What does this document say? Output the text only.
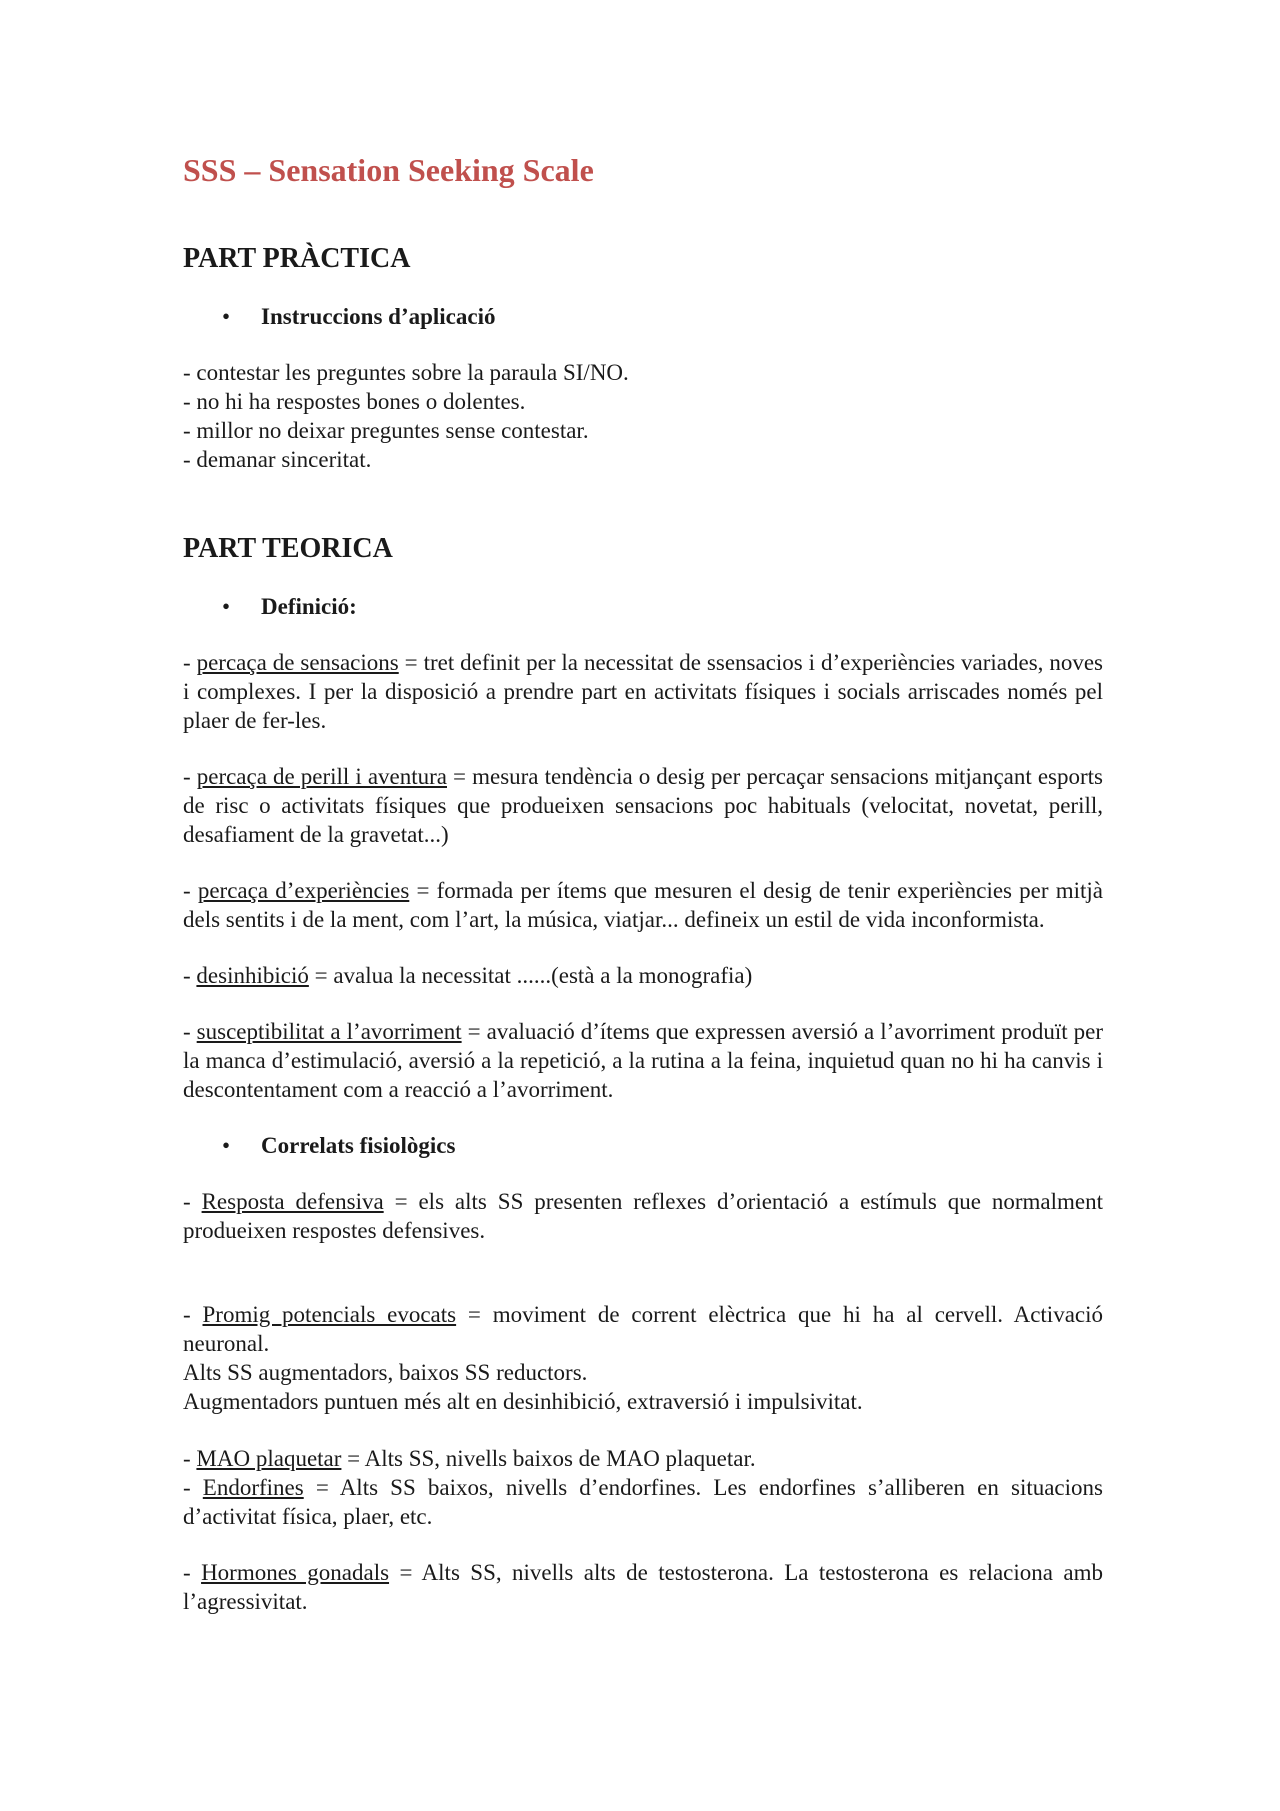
SSS – Sensation Seeking Scale
PART PRÀCTICA
• Instruccions d’aplicació

- contestar les preguntes sobre la paraula SI/NO.

- no hi ha respostes bones o dolentes.

- millor no deixar preguntes sense contestar.

- demanar sinceritat.

PART TEORICA
• Definició:

- percaça de sensacions = tret definit per la necessitat de ssensacios i d’experiències variades, noves i complexes. I per la disposició a prendre part en activitats físiques i socials arriscades només pel plaer de fer-les.

- percaça de perill i aventura = mesura tendència o desig per percaçar sensacions mitjançant esports de risc o activitats físiques que produeixen sensacions poc habituals (velocitat, novetat, perill, desafiament de la gravetat...)

- percaça d’experiències = formada per ítems que mesuren el desig de tenir experiències per mitjà dels sentits i de la ment, com l’art, la música, viatjar... defineix un estil de vida inconformista.

- desinhibició = avalua la necessitat ......(està a la monografia)

- susceptibilitat a l’avorriment = avaluació d’ítems que expressen aversió a l’avorriment produït per la manca d’estimulació, aversió a la repetició, a la rutina a la feina, inquietud quan no hi ha canvis i descontentament com a reacció a l’avorriment.

• Correlats fisiològics

- Resposta defensiva = els alts SS presenten reflexes d’orientació a estímuls que normalment produeixen respostes defensives.

- Promig potencials evocats = moviment de corrent elèctrica que hi ha al cervell. Activació neuronal.

Alts SS augmentadors, baixos SS reductors.

Augmentadors puntuen més alt en desinhibició, extraversió i impulsivitat.

- MAO plaquetar = Alts SS, nivells baixos de MAO plaquetar.

- Endorfines = Alts SS baixos, nivells d’endorfines. Les endorfines s’alliberen en situacions d’activitat física, plaer, etc.

- Hormones gonadals = Alts SS, nivells alts de testosterona. La testosterona es relaciona amb l’agressivitat.
